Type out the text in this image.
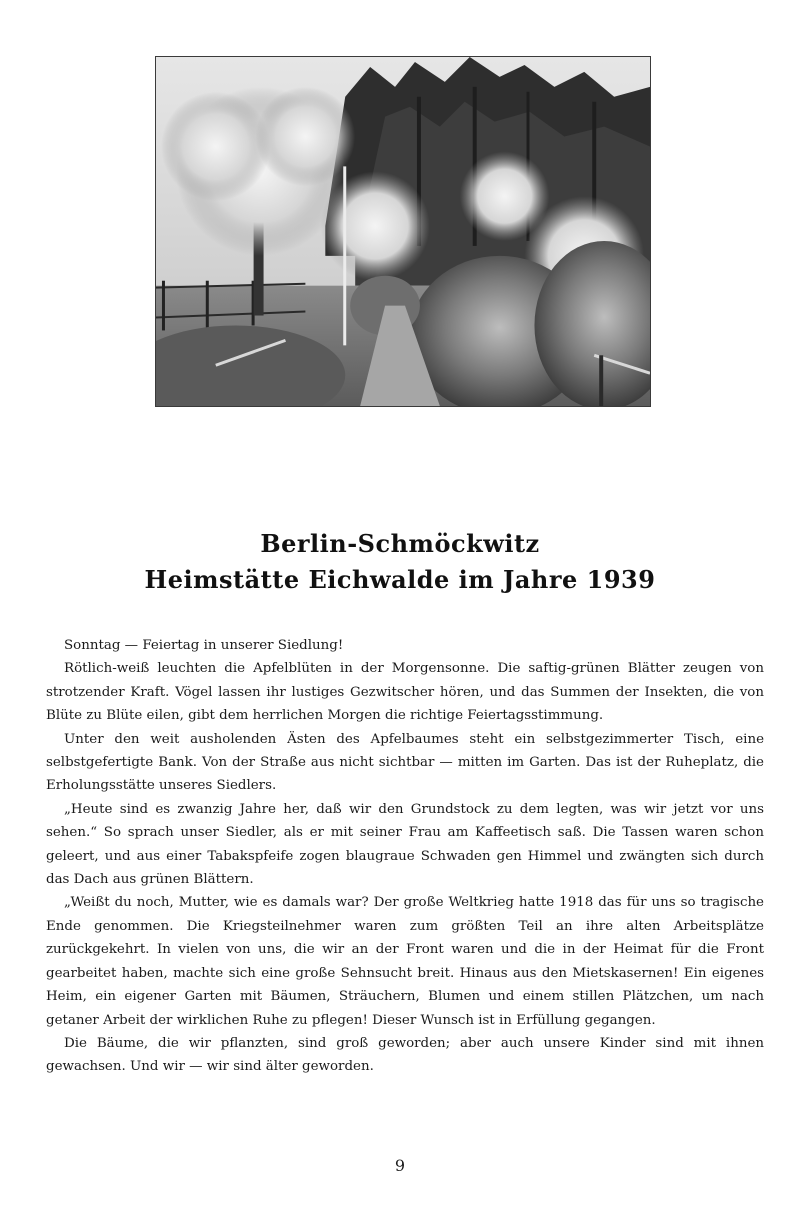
Berlin-Schmöckwitz
Heimstätte Eichwalde im Jahre 1939

Sonntag — Feiertag in unserer Siedlung!

Rötlich-weiß leuchten die Apfelblüten in der Morgensonne. Die saftig-grünen Blätter zeugen von strotzender Kraft. Vögel lassen ihr lustiges Gezwitscher hören, und das Summen der Insekten, die von Blüte zu Blüte eilen, gibt dem herrlichen Morgen die richtige Feiertagsstimmung.

Unter den weit ausholenden Ästen des Apfelbaumes steht ein selbstgezimmerter Tisch, eine selbstgefertigte Bank. Von der Straße aus nicht sichtbar — mitten im Garten. Das ist der Ruheplatz, die Erholungsstätte unseres Siedlers.

„Heute sind es zwanzig Jahre her, daß wir den Grundstock zu dem legten, was wir jetzt vor uns sehen.“ So sprach unser Siedler, als er mit seiner Frau am Kaffeetisch saß. Die Tassen waren schon geleert, und aus einer Tabakspfeife zogen blaugraue Schwaden gen Himmel und zwängten sich durch das Dach aus grünen Blättern.

„Weißt du noch, Mutter, wie es damals war? Der große Weltkrieg hatte 1918 das für uns so tragische Ende genommen. Die Kriegsteilnehmer waren zum größten Teil an ihre alten Arbeitsplätze zurückgekehrt. In vielen von uns, die wir an der Front waren und die in der Heimat für die Front gearbeitet haben, machte sich eine große Sehnsucht breit. Hinaus aus den Mietskasernen! Ein eigenes Heim, ein eigener Garten mit Bäumen, Sträuchern, Blumen und einem stillen Plätzchen, um nach getaner Arbeit der wirklichen Ruhe zu pflegen! Dieser Wunsch ist in Erfüllung gegangen.

Die Bäume, die wir pflanzten, sind groß geworden; aber auch unsere Kinder sind mit ihnen gewachsen. Und wir — wir sind älter geworden.

9
